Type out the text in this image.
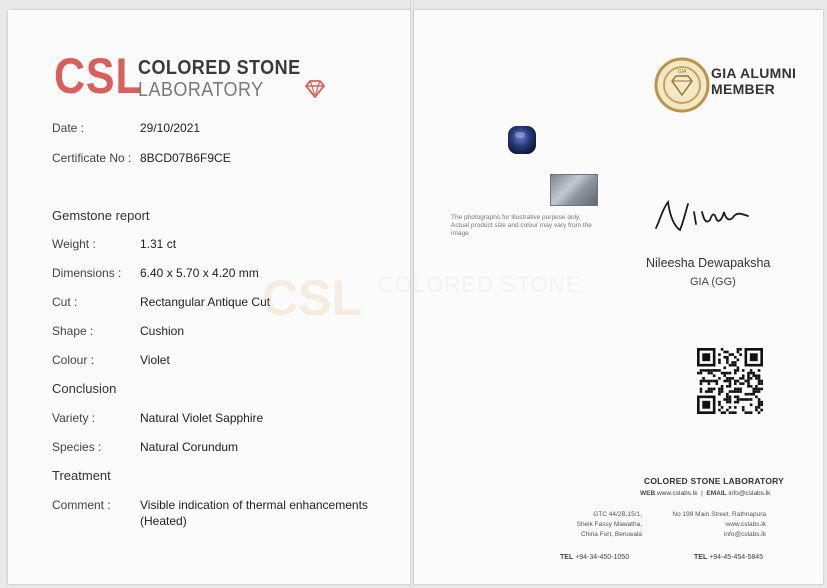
CSL
COLORED STONE
LABORATORY
Date :	29/10/2021
Certificate No : 8BCD07B6F9CE
Gemstone report
Weight :	1.31 ct
Dimensions : 6.40 x 5.70 x 4.20 mm
Cut :	Rectangular Antique Cut
Shape :	Cushion
Colour :	Violet
Conclusion
Variety :	Natural Violet Sapphire
Species :	Natural Corundum
Treatment
Comment : Visible indication of thermal enhancements
(Heated)
GIA GIA ALUMNI
MEMBER
The photographs for illustrative purpose only. Actual product size and colour may vary from the image
Nileesha Dewapaksha
GIA (GG)
COLORED STONE LABORATORY
WEB www.cslabs.lk  |  EMAIL info@cslabs.lk
GTC 44/2B,15/1,
Sheik Fassy Mawatha,
China Fort, Beruwala
No 199 Main Street, Rathnapura
www.cslabs.lk
info@cslabs.lk
TEL +94-34-450-1050	TEL +94-45-454-5845
